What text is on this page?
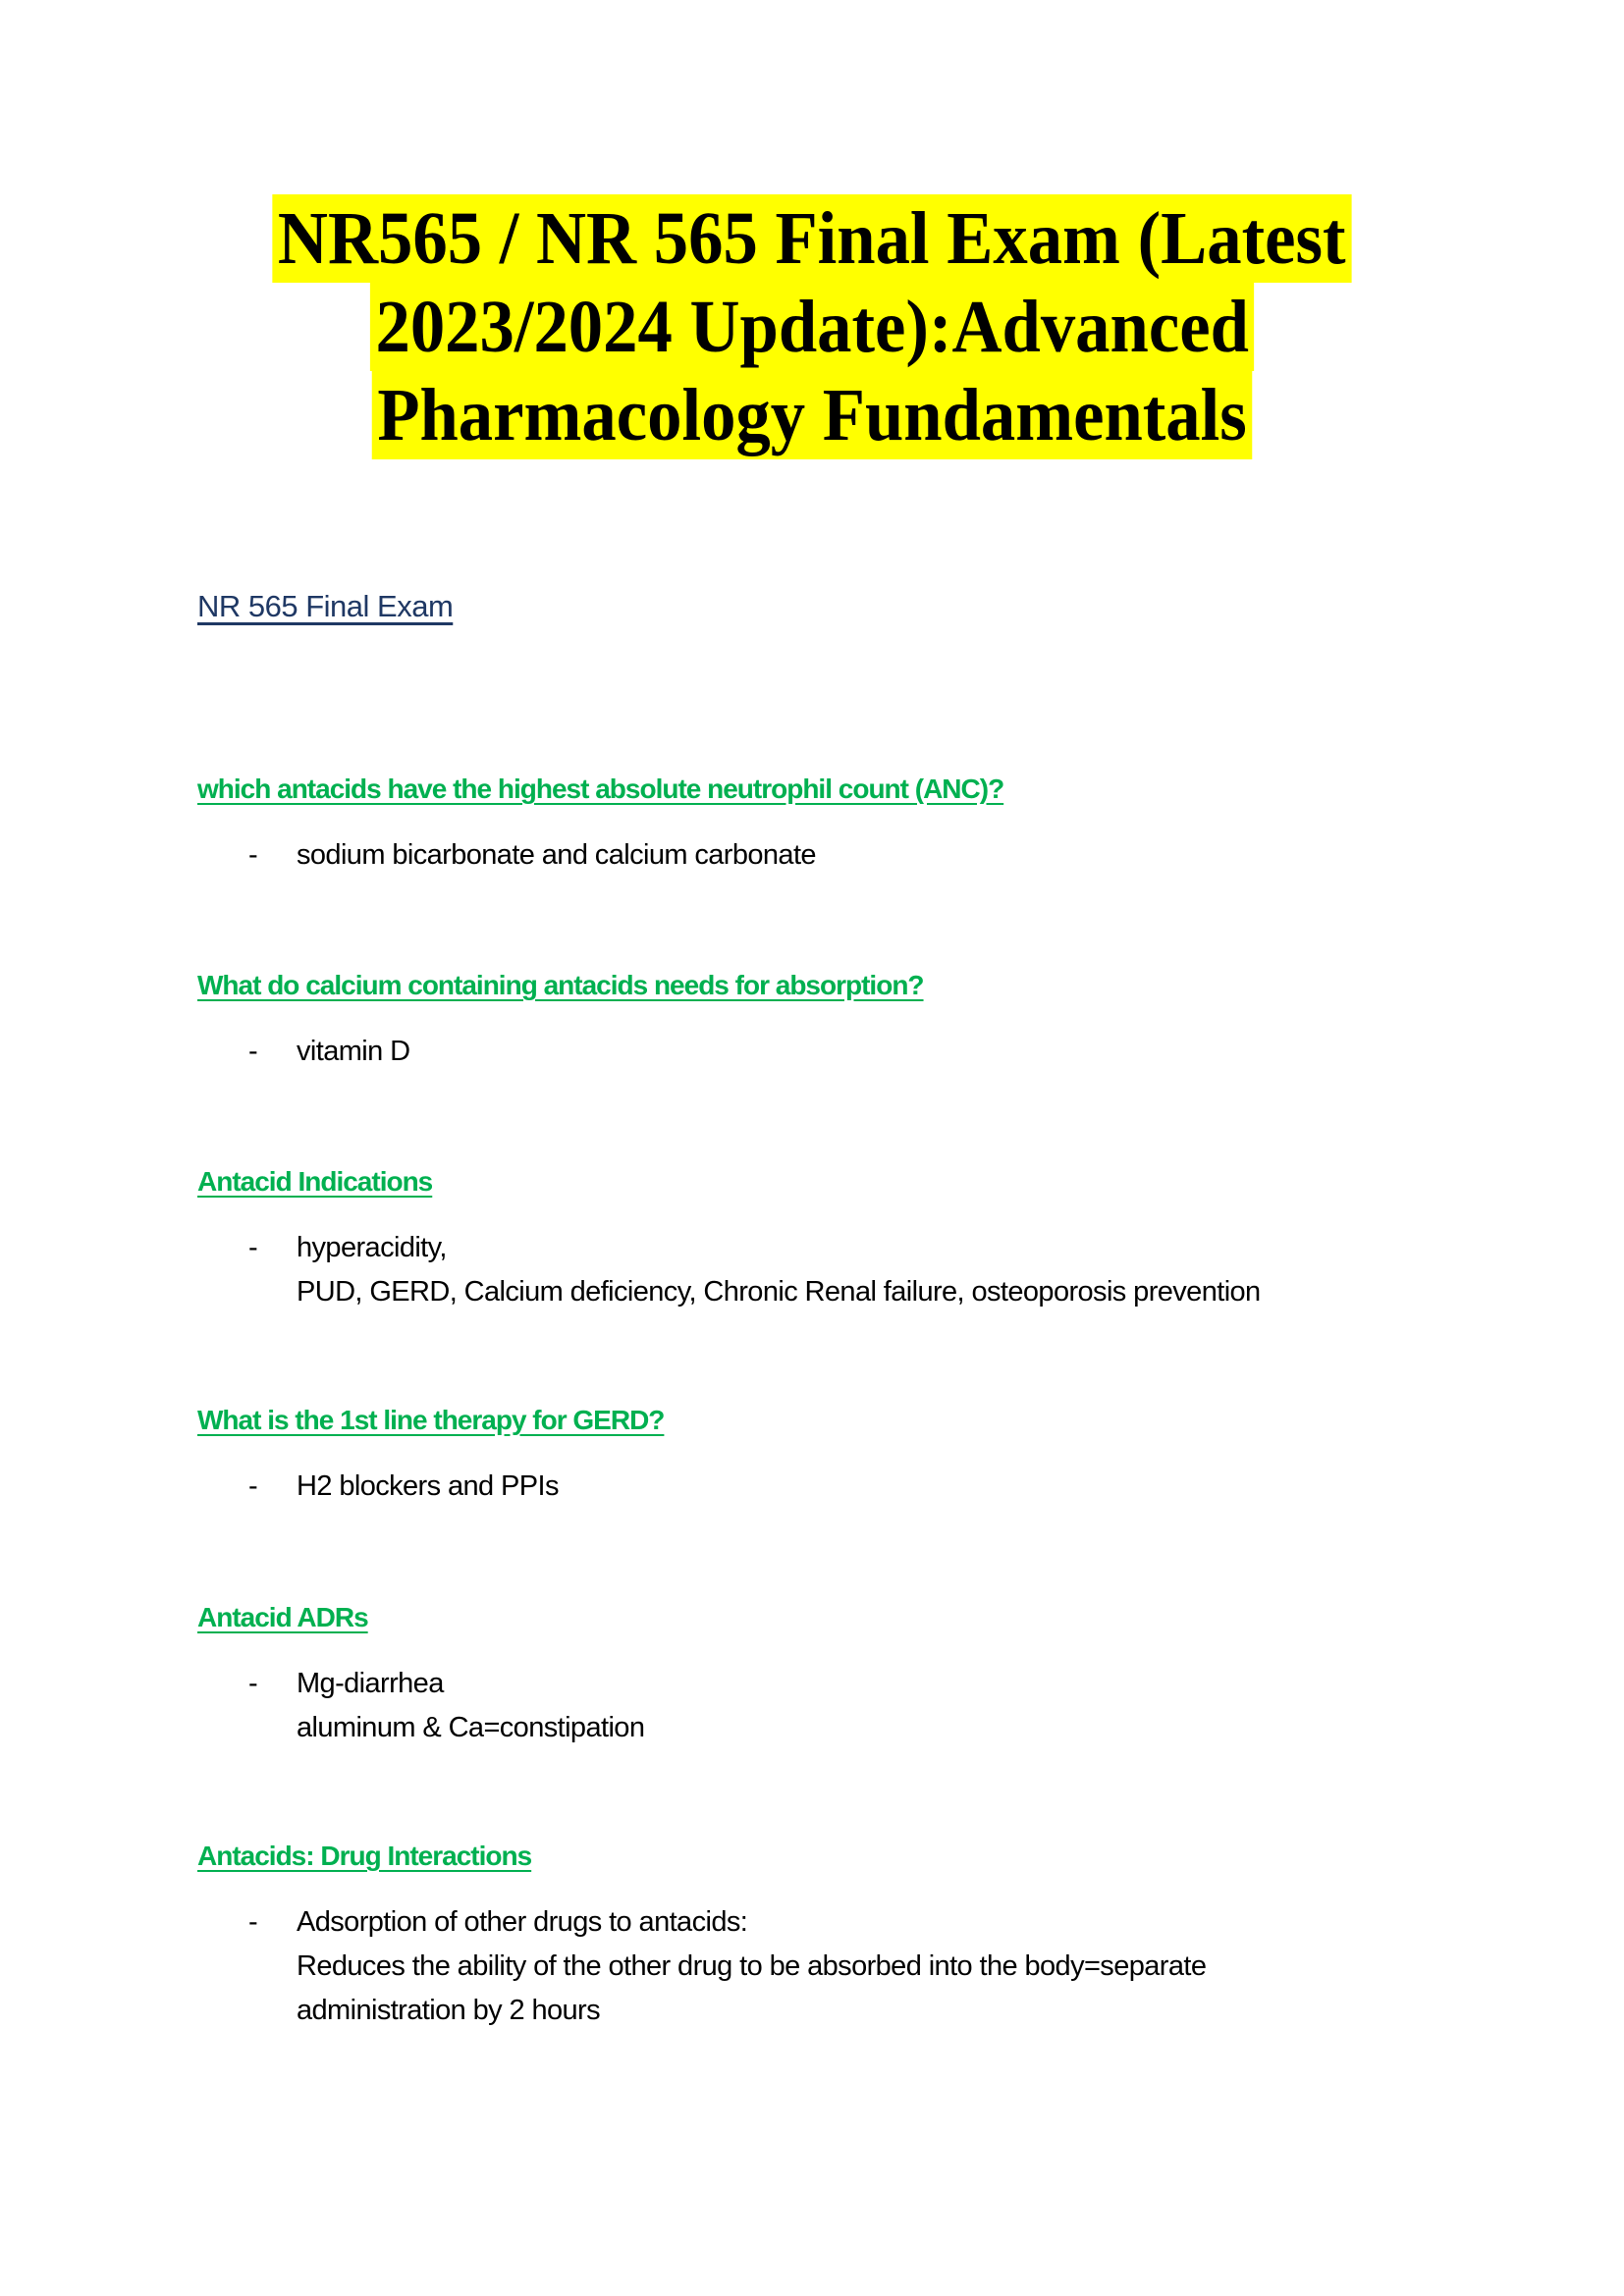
NR565 / NR 565 Final Exam (Latest
2023/2024 Update):Advanced
Pharmacology Fundamentals
NR 565 Final Exam
which antacids have the highest absolute neutrophil count (ANC)?
- sodium bicarbonate and calcium carbonate
What do calcium containing antacids needs for absorption?
- vitamin D
Antacid Indications
- hyperacidity,
PUD, GERD, Calcium deficiency, Chronic Renal failure, osteoporosis prevention
What is the 1st line therapy for GERD?
- H2 blockers and PPIs
Antacid ADRs
- Mg-diarrhea
aluminum & Ca=constipation
Antacids: Drug Interactions
- Adsorption of other drugs to antacids:
Reduces the ability of the other drug to be absorbed into the body=separate
administration by 2 hours
